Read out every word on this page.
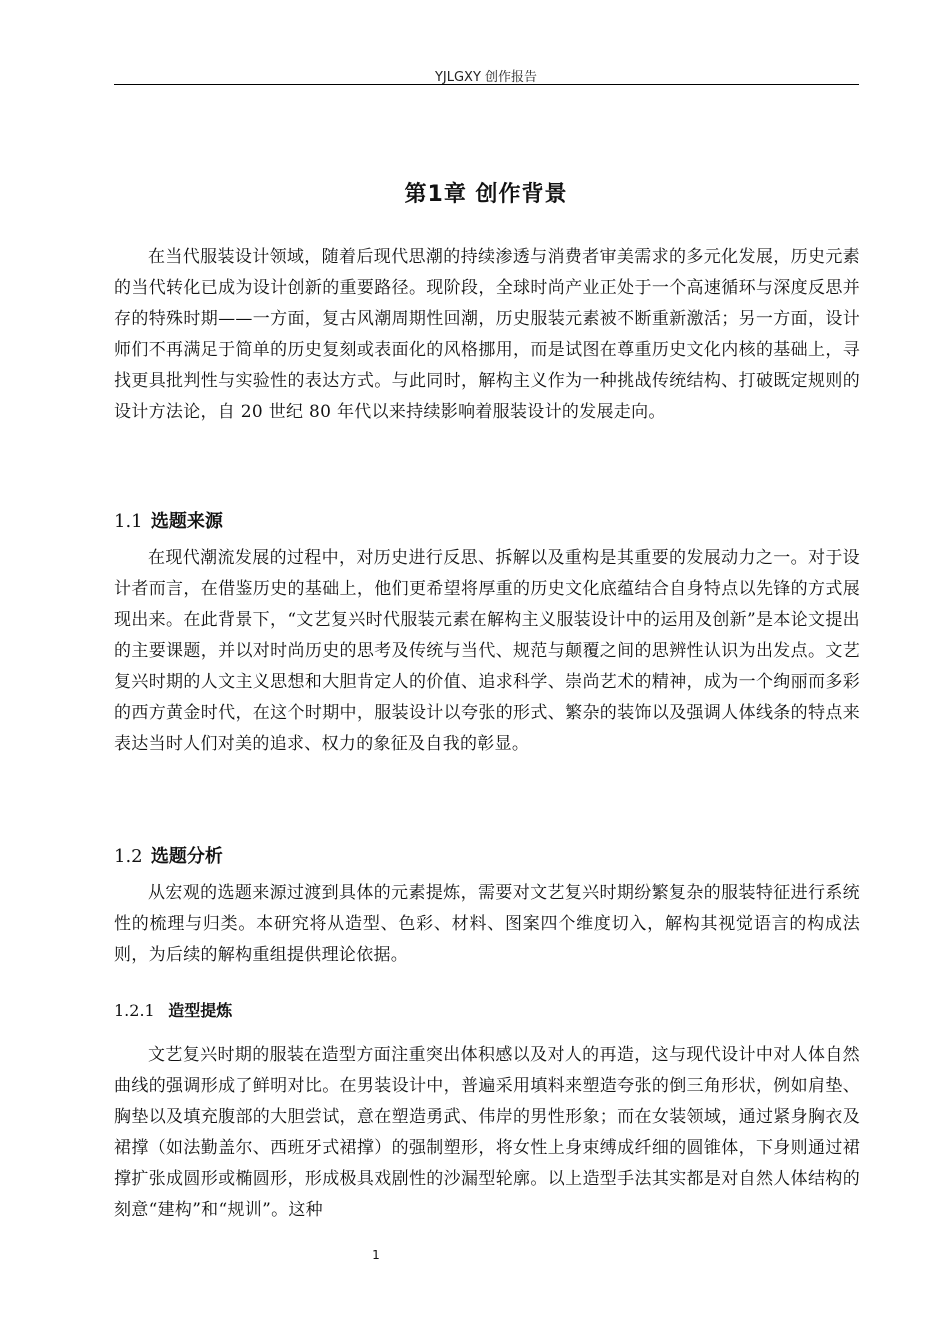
YJLGXY 创作报告
第1章 创作背景

在当代服装设计领域，随着后现代思潮的持续渗透与消费者审美需求的多元化发展，历史元素的当代转化已成为设计创新的重要路径。现阶段，全球时尚产业正处于一个高速循环与深度反思并存的特殊时期——一方面，复古风潮周期性回潮，历史服装元素被不断重新激活；另一方面，设计师们不再满足于简单的历史复刻或表面化的风格挪用，而是试图在尊重历史文化内核的基础上，寻找更具批判性与实验性的表达方式。与此同时，解构主义作为一种挑战传统结构、打破既定规则的设计方法论，自 20 世纪 80 年代以来持续影响着服装设计的发展走向。

1.1 选题来源

在现代潮流发展的过程中，对历史进行反思、拆解以及重构是其重要的发展动力之一。对于设计者而言，在借鉴历史的基础上，他们更希望将厚重的历史文化底蕴结合自身特点以先锋的方式展现出来。在此背景下，“文艺复兴时代服装元素在解构主义服装设计中的运用及创新”是本论文提出的主要课题，并以对时尚历史的思考及传统与当代、规范与颠覆之间的思辨性认识为出发点。文艺复兴时期的人文主义思想和大胆肯定人的价值、追求科学、崇尚艺术的精神，成为一个绚丽而多彩的西方黄金时代，在这个时期中，服装设计以夸张的形式、繁杂的装饰以及强调人体线条的特点来表达当时人们对美的追求、权力的象征及自我的彰显。

1.2 选题分析

从宏观的选题来源过渡到具体的元素提炼，需要对文艺复兴时期纷繁复杂的服装特征进行系统性的梳理与归类。本研究将从造型、色彩、材料、图案四个维度切入，解构其视觉语言的构成法则，为后续的解构重组提供理论依据。

1.2.1 造型提炼

文艺复兴时期的服装在造型方面注重突出体积感以及对人的再造，这与现代设计中对人体自然曲线的强调形成了鲜明对比。在男装设计中，普遍采用填料来塑造夸张的倒三角形状，例如肩垫、胸垫以及填充腹部的大胆尝试，意在塑造勇武、伟岸的男性形象；而在女装领域，通过紧身胸衣及裙撑（如法勤盖尔、西班牙式裙撑）的强制塑形，将女性上身束缚成纤细的圆锥体，下身则通过裙撑扩张成圆形或椭圆形，形成极具戏剧性的沙漏型轮廓。以上造型手法其实都是对自然人体结构的刻意“建构”和“规训”。这种

1
